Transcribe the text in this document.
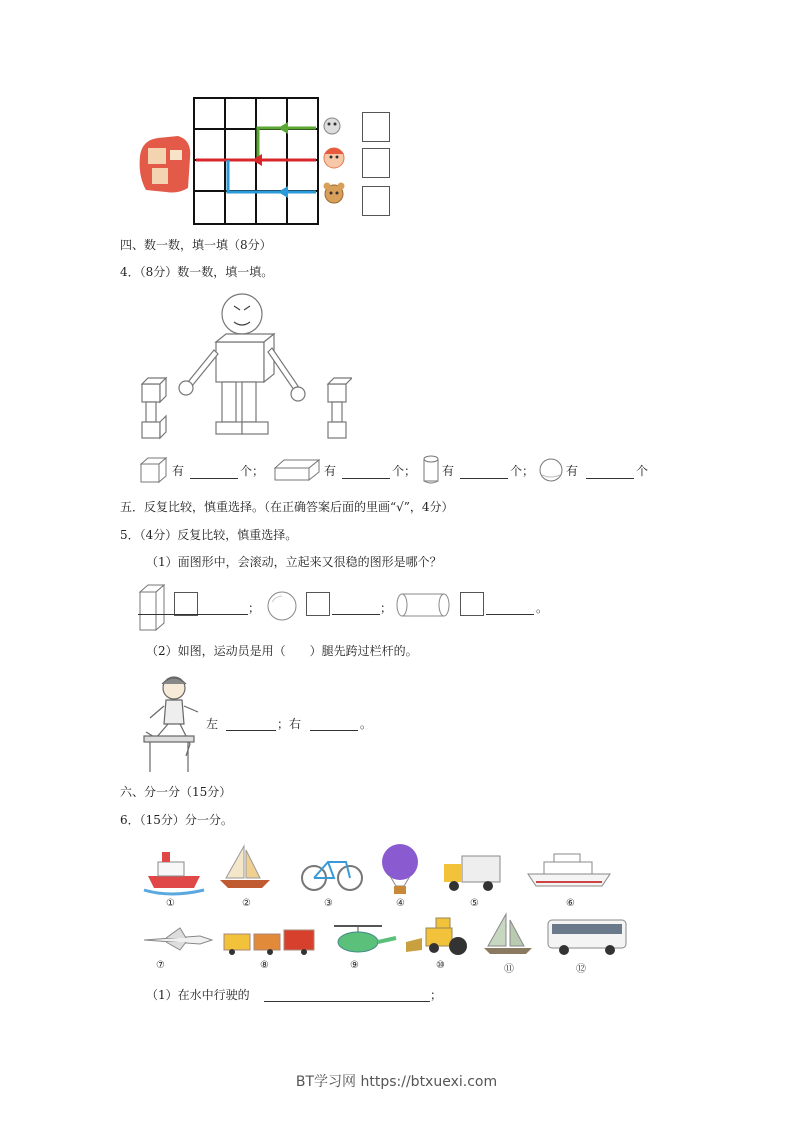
四、数一数，填一填（8分）
4．（8分）数一数，填一填。
有	个；	有	个； 有	个；	有	个
五．反复比较，慎重选择。（在正确答案后面的里画“√”，4分）
5．（4分）反复比较，慎重选择。
（1）面图形中，会滚动，立起来又很稳的图形是哪个？
；	；	。
（2）如图，运动员是用（　　）腿先跨过栏杆的。
左	；右	。
六、分一分（15分）
6．（15分）分一分。
①	②	③	④	⑤	⑥
⑦	⑧	⑨	⑩	⑪	⑫
（1）在水中行驶的	；
BT学习网 https://btxuexi.com
